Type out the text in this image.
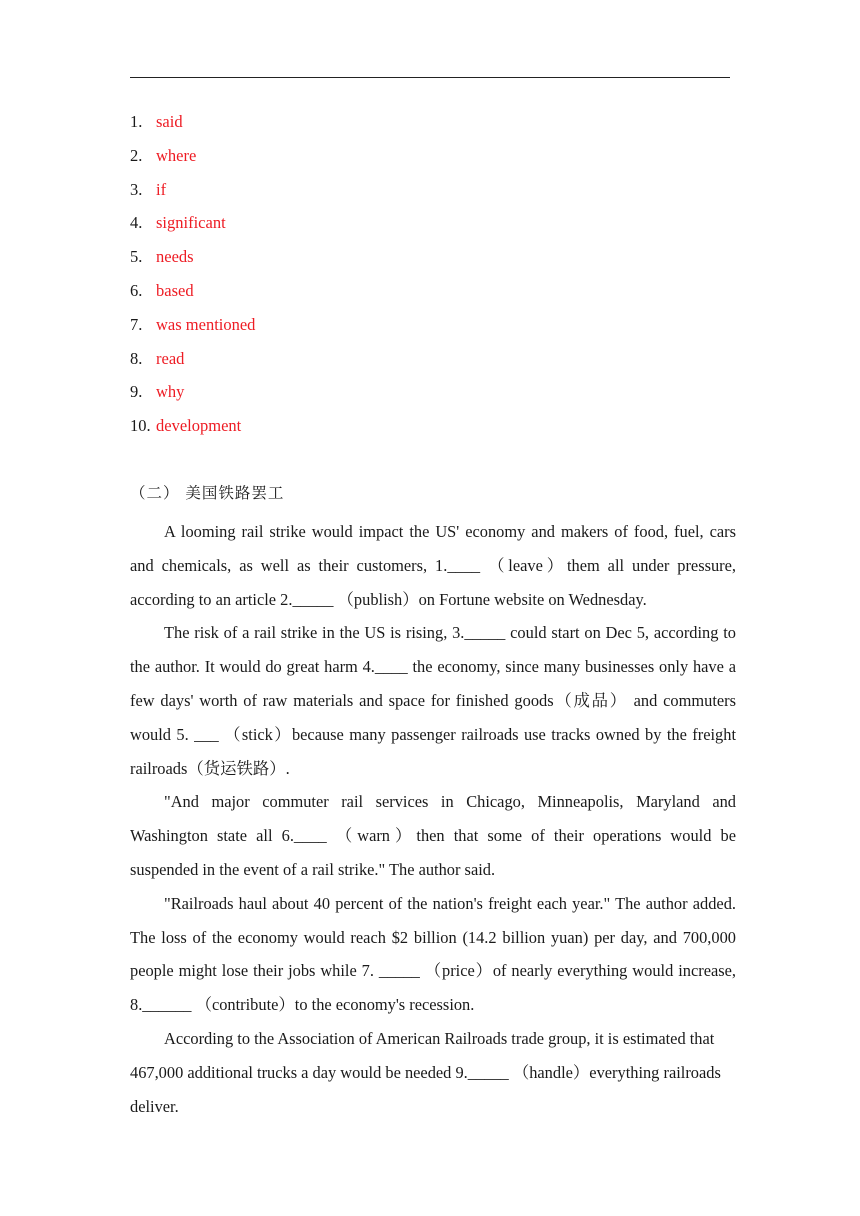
1. said
2. where
3. if
4. significant
5. needs
6. based
7. was mentioned
8. read
9. why
10. development
（二） 美国铁路罢工

A looming rail strike would impact the US' economy and makers of food, fuel, cars and chemicals, as well as their customers, 1.____ （leave）them all under pressure, according to an article 2._____ （publish）on Fortune website on Wednesday.

The risk of a rail strike in the US is rising, 3._____ could start on Dec 5, according to the author. It would do great harm 4.____ the economy, since many businesses only have a few days' worth of raw materials and space for finished goods（成品） and commuters would 5. ___ （stick）because many passenger railroads use tracks owned by the freight railroads（货运铁路）.

"And major commuter rail services in Chicago, Minneapolis, Maryland and Washington state all 6.____ （warn）then that some of their operations would be suspended in the event of a rail strike." The author said.

"Railroads haul about 40 percent of the nation's freight each year." The author added. The loss of the economy would reach $2 billion (14.2 billion yuan) per day, and 700,000 people might lose their jobs while 7. _____ （price）of nearly everything would increase, 8.______ （contribute）to the economy's recession.

According to the Association of American Railroads trade group, it is estimated that 467,000 additional trucks a day would be needed 9._____ （handle）everything railroads deliver.
